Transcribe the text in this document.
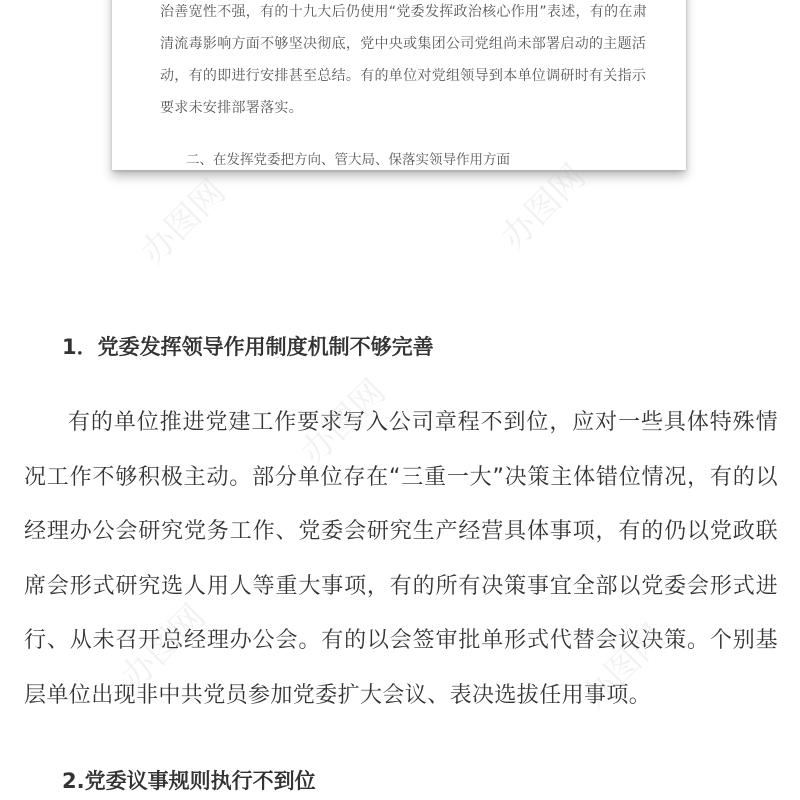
治善宽性不强，有的十九大后仍使用“党委发挥政治核心作用”表述，有的在肃清流毒影响方面不够坚决彻底，党中央或集团公司党组尚未部署启动的主题活动，有的即进行安排甚至总结。有的单位对党组领导到本单位调研时有关指示要求未安排部署落实。

二、在发挥党委把方向、管大局、保落实领导作用方面

1．党委发挥领导作用制度机制不够完善

有的单位推进党建工作要求写入公司章程不到位，应对一些具体特殊情况工作不够积极主动。部分单位存在“三重一大”决策主体错位情况，有的以经理办公会研究党务工作、党委会研究生产经营具体事项，有的仍以党政联席会形式研究选人用人等重大事项，有的所有决策事宜全部以党委会形式进行、从未召开总经理办公会。有的以会签审批单形式代替会议决策。个别基层单位出现非中共党员参加党委扩大会议、表决选拔任用事项。

2.党委议事规则执行不到位
办图网	办图网
办图网
办图网	办图网
